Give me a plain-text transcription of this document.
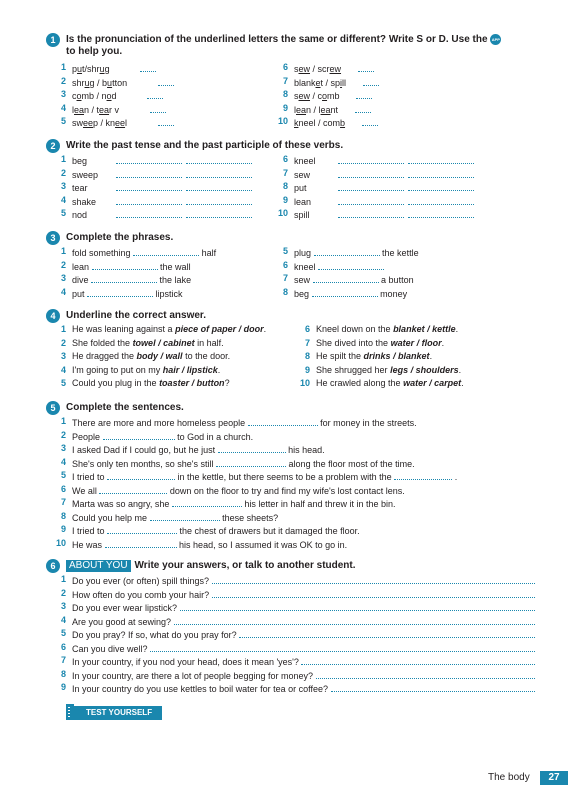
1	Is the pronunciation of the underlined letters the same or different? Write S or D. Use the APP
to help you.
1 put/shrug
2 shrug / button
3 comb / nod
4 lean / tear v
5 sweep / kneel
6 sew / screw
7 blanket / spill
8 sew / comb
9 lean / leant
10 kneel / comb
2	Write the past tense and the past participle of these verbs.
1 beg
2 sweep
3 tear
4 shake
5 nod
6 kneel
7 sew
8 put
9 lean
10 spill
3	Complete the phrases.
1 fold something	half
2 lean	the wall
3 dive	the lake
4 put	lipstick
5 plug	the kettle
6 kneel
7 sew	a button
8 beg	money
4	Underline the correct answer.
1 He was leaning against a piece of paper / door.
2 She folded the towel / cabinet in half.
3 He dragged the body / wall to the door.
4 I'm going to put on my hair / lipstick.
5 Could you plug in the toaster / button?
6 Kneel down on the blanket / kettle.
7 She dived into the water / floor.
8 He spilt the drinks / blanket.
9 She shrugged her legs / shoulders.
10 He crawled along the water / carpet.
5	Complete the sentences.
1 There are more and more homeless people	for money in the streets.
2 People	to God in a church.
3 I asked Dad if I could go, but he just	his head.
4 She's only ten months, so she's still	along the floor most of the time.
5 I tried to	in the kettle, but there seems to be a problem with the	.
6 We all	down on the floor to try and find my wife's lost contact lens.
7 Marta was so angry, she	his letter in half and threw it in the bin.
8 Could you help me	these sheets?
9 I tried to	the chest of drawers but it damaged the floor.
10 He was	his head, so I assumed it was OK to go in.
6	ABOUT YOU Write your answers, or talk to another student.
1 Do you ever (or often) spill things?
2 How often do you comb your hair?
3 Do you ever wear lipstick?
4 Are you good at sewing?
5 Do you pray? If so, what do you pray for?
6 Can you dive well?
7 In your country, if you nod your head, does it mean 'yes'?
8 In your country, are there a lot of people begging for money?
9 In your country do you use kettles to boil water for tea or coffee?
TEST YOURSELF
The body	27
